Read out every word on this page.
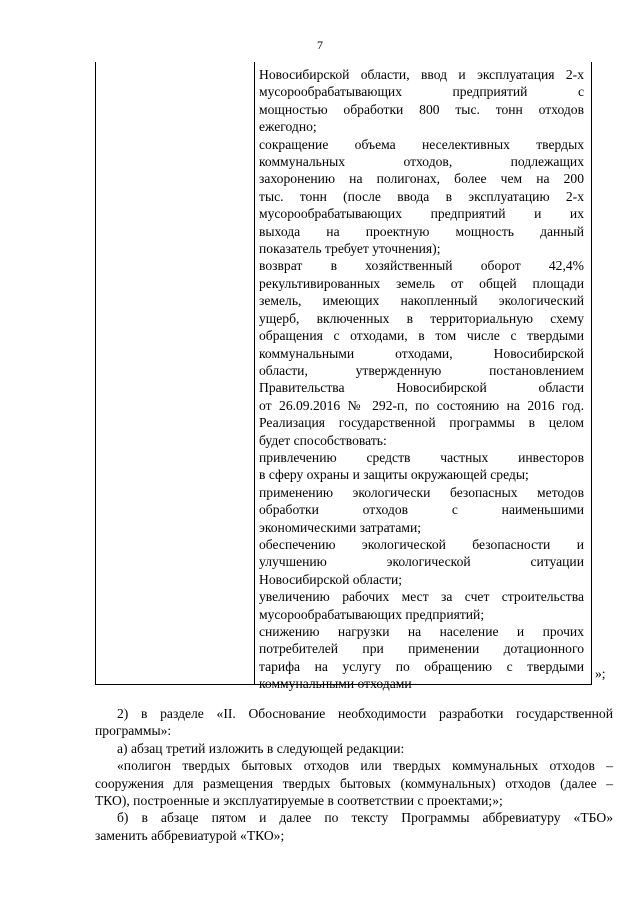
7
Новосибирской области, ввод и эксплуатация 2-х
мусорообрабатывающих предприятий с
мощностью обработки 800 тыс. тонн отходов
ежегодно;
сокращение объема неселективных твердых
коммунальных отходов, подлежащих
захоронению на полигонах, более чем на 200
тыс. тонн (после ввода в эксплуатацию 2-х
мусорообрабатывающих предприятий и их
выхода на проектную мощность данный
показатель требует уточнения);
возврат в хозяйственный оборот 42,4%
рекультивированных земель от общей площади
земель, имеющих накопленный экологический
ущерб, включенных в территориальную схему
обращения с отходами, в том числе с твердыми
коммунальными отходами, Новосибирской
области, утвержденную постановлением
Правительства Новосибирской области
от 26.09.2016 № 292-п, по состоянию на 2016 год.
Реализация государственной программы в целом
будет способствовать:
привлечению средств частных инвесторов
в сферу охраны и защиты окружающей среды;
применению экологически безопасных методов
обработки отходов с наименьшими
экономическими затратами;
обеспечению экологической безопасности и
улучшению экологической ситуации
Новосибирской области;
увеличению рабочих мест за счет строительства
мусорообрабатывающих предприятий;
снижению нагрузки на население и прочих
потребителей при применении дотационного
тарифа на услугу по обращению с твердыми
коммунальными отходами
»;
2) в разделе «II. Обоснование необходимости разработки государственной
программы»:
а) абзац третий изложить в следующей редакции:
«полигон твердых бытовых отходов или твердых коммунальных отходов –
сооружения для размещения твердых бытовых (коммунальных) отходов (далее –
ТКО), построенные и эксплуатируемые в соответствии с проектами;»;
б) в абзаце пятом и далее по тексту Программы аббревиатуру «ТБО»
заменить аббревиатурой «ТКО»;
